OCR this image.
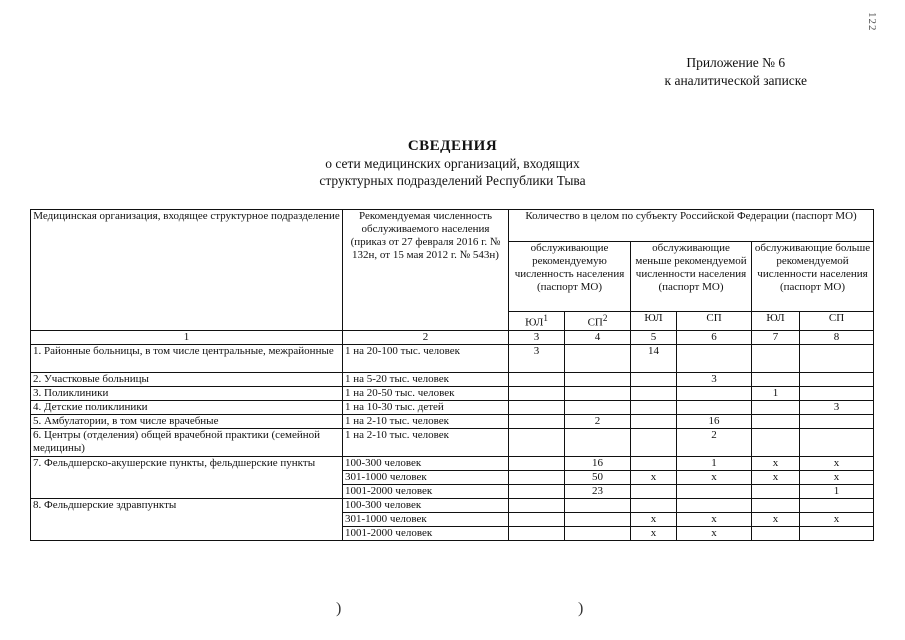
122
Приложение № 6
к аналитической записке
СВЕДЕНИЯ
о сети медицинских организаций, входящих
структурных подразделений Республики Тыва
Медицинская организация, входящее структурное подразделение	Рекомендуемая численность обслуживаемого населения (приказ от 27 февраля 2016 г. № 132н, от 15 мая 2012 г. № 543н)	Количество в целом по субъекту Российской Федерации (паспорт МО)					
		обслуживающие рекомендуемую численность населения (паспорт МО)		обслуживающие меньше рекомендуемой численности населения (паспорт МО)		обслуживающие больше рекомендуемой численности населения (паспорт МО)	
		$ЮЛ^1$	$СП^2$	ЮЛ	СП	ЮЛ	СП
1	2	3	4	5	6	7	8
1. Районные больницы, в том числе центральные, межрайонные	1 на 20-100 тыс. человек	3		14			
2. Участковые больницы	1 на 5-20 тыс. человек				3		
3. Поликлиники	1 на 20-50 тыс. человек					1	
4. Детские поликлиники	1 на 10-30 тыс. детей						3
5. Амбулатории, в том числе врачебные	1 на 2-10 тыс. человек		2		16		
6. Центры (отделения) общей врачебной практики (семейной медицины)	1 на 2-10 тыс. человек				2		
7. Фельдшерско-акушерские пункты, фельдшерские пункты	100-300 человек		16		1	x	x
	301-1000 человек		50	x	x	x	x
	1001-2000 человек		23				1
8. Фельдшерские здравпункты	100-300 человек						
	301-1000 человек			x	x	x	x
	1001-2000 человек			x	x		
)	)
